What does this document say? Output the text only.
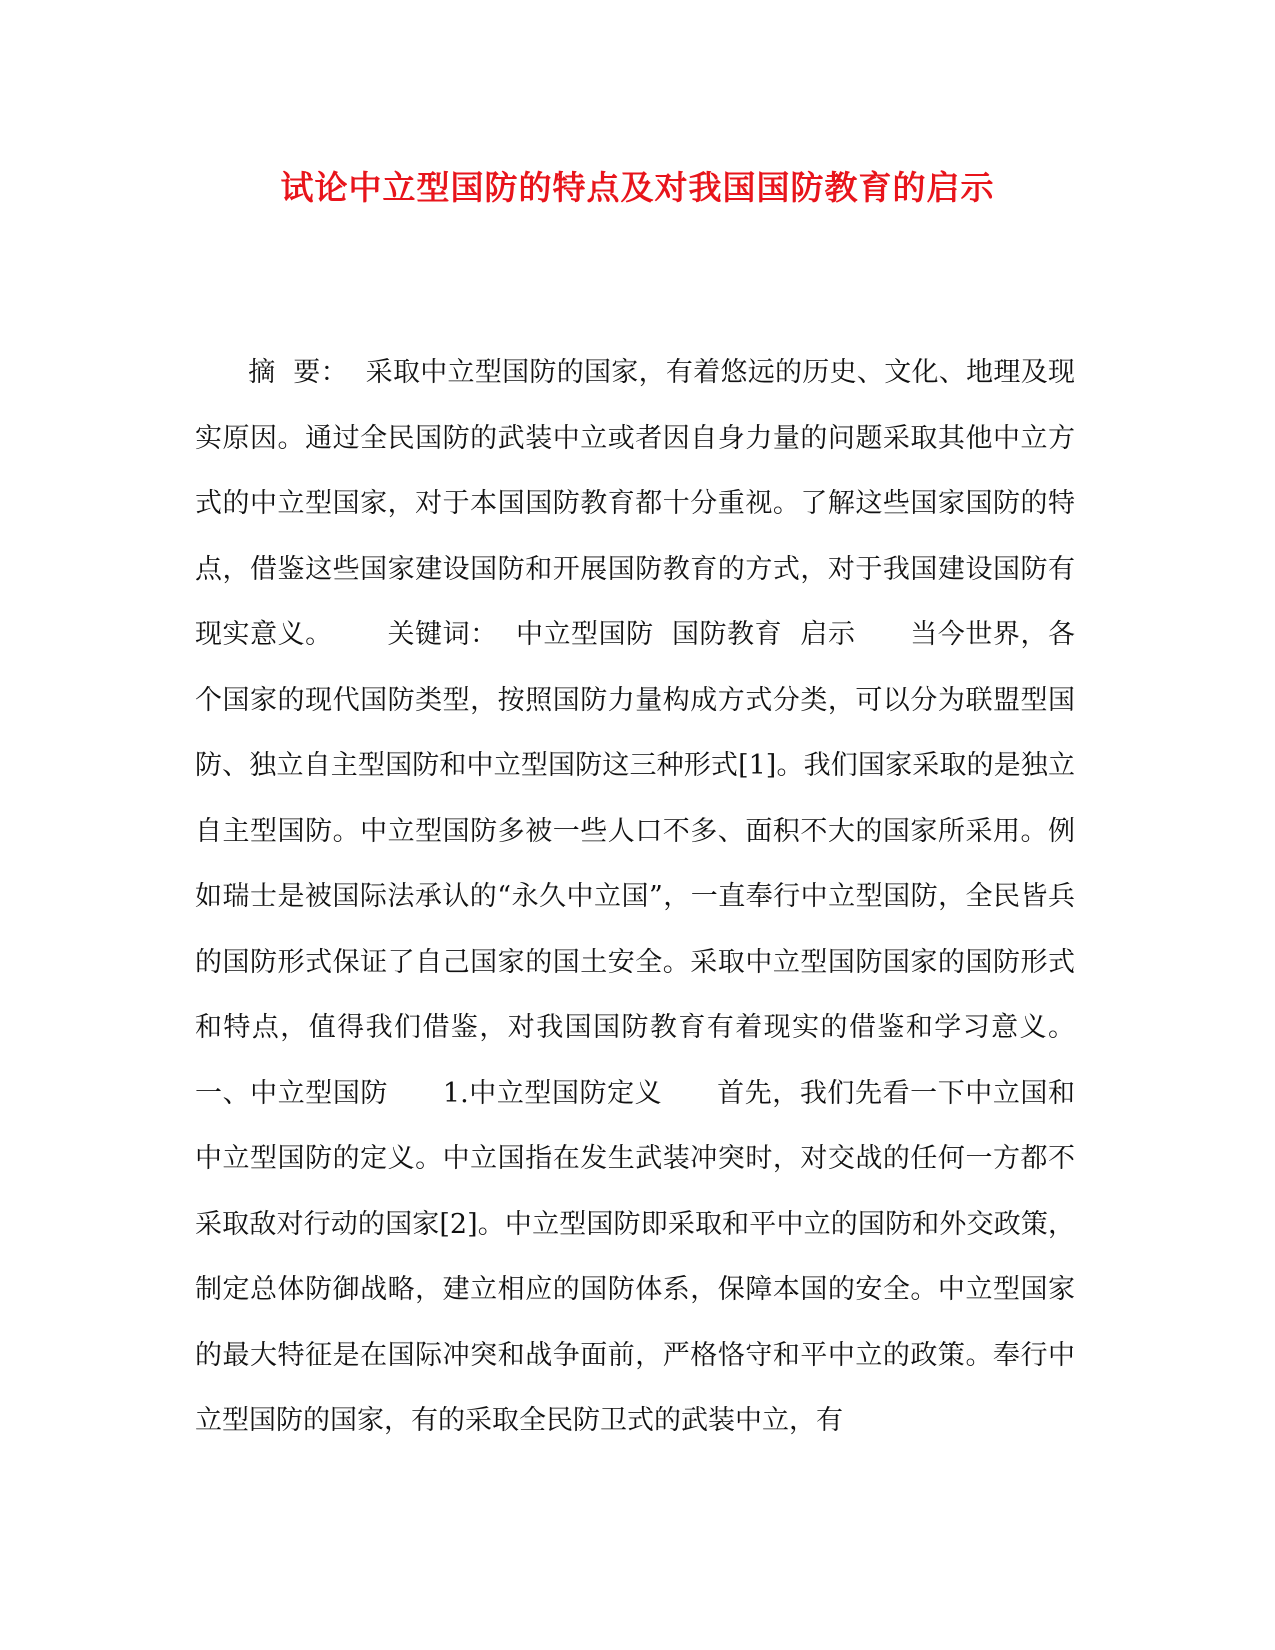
试论中立型国防的特点及对我国国防教育的启示

摘  要：  采取中立型国防的国家，有着悠远的历史、文化、地理及现实原因。通过全民国防的武装中立或者因自身力量的问题采取其他中立方式的中立型国家，对于本国国防教育都十分重视。了解这些国家国防的特点，借鉴这些国家建设国防和开展国防教育的方式，对于我国建设国防有现实意义。      关键词：  中立型国防  国防教育  启示      当今世界，各个国家的现代国防类型，按照国防力量构成方式分类，可以分为联盟型国防、独立自主型国防和中立型国防这三种形式[1]。我们国家采取的是独立自主型国防。中立型国防多被一些人口不多、面积不大的国家所采用。例如瑞士是被国际法承认的“永久中立国”，一直奉行中立型国防，全民皆兵的国防形式保证了自己国家的国土安全。采取中立型国防国家的国防形式和特点，值得我们借鉴，对我国国防教育有着现实的借鉴和学习意义。      一、中立型国防      1.中立型国防定义      首先，我们先看一下中立国和中立型国防的定义。中立国指在发生武装冲突时，对交战的任何一方都不采取敌对行动的国家[2]。中立型国防即采取和平中立的国防和外交政策，制定总体防御战略，建立相应的国防体系，保障本国的安全。中立型国家的最大特征是在国际冲突和战争面前，严格恪守和平中立的政策。奉行中立型国防的国家，有的采取全民防卫式的武装中立，有
